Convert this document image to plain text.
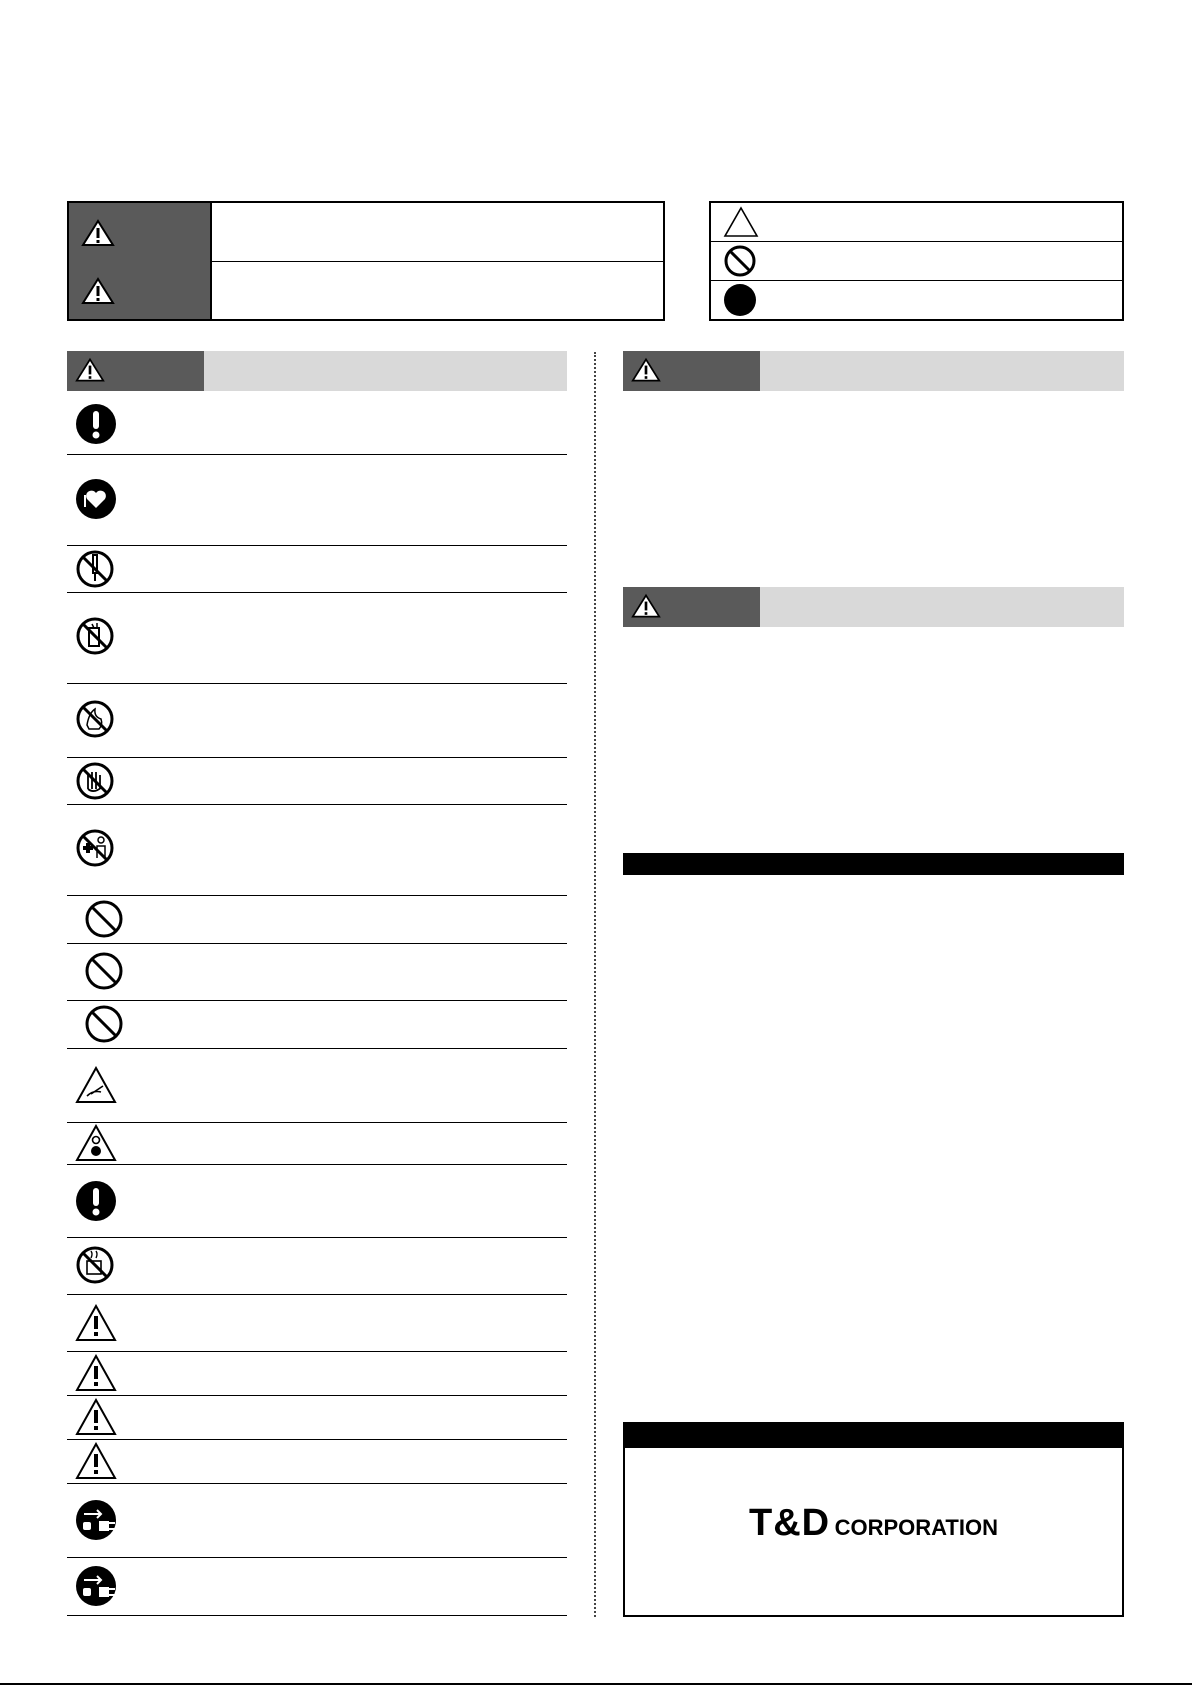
T&D CORPORATION
